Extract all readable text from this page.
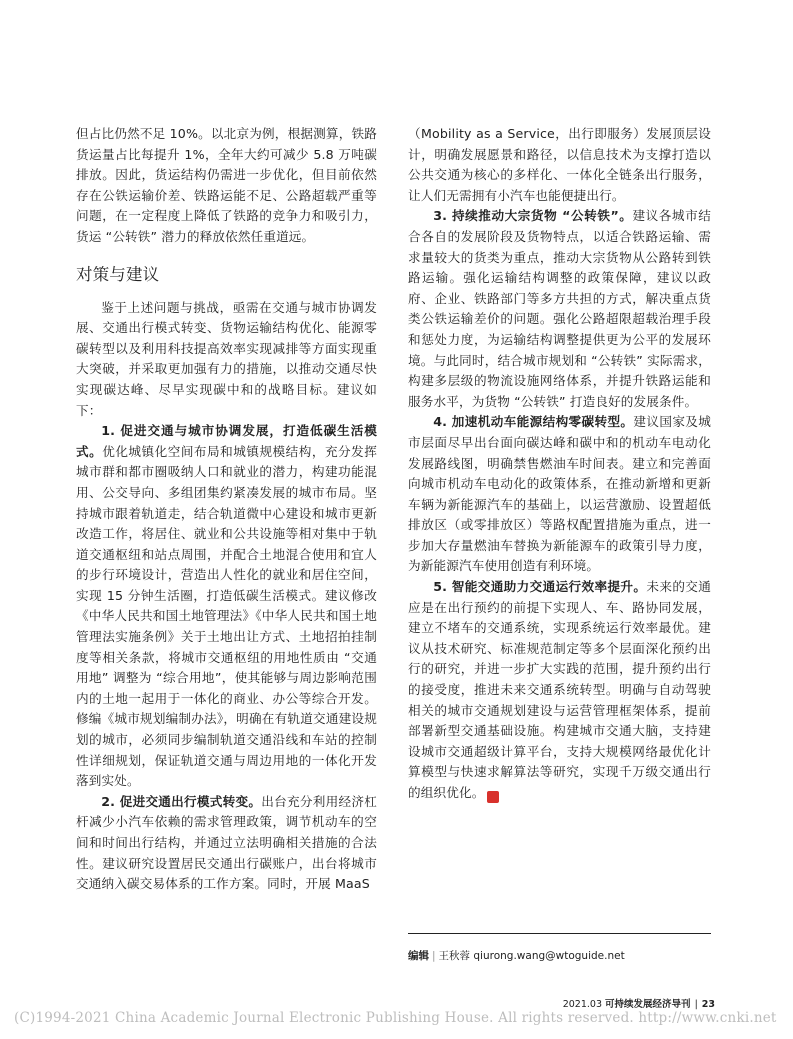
但占比仍然不足 10%。以北京为例，根据测算，铁路货运量占比每提升 1%，全年大约可减少 5.8 万吨碳排放。因此，货运结构仍需进一步优化，但目前依然存在公铁运输价差、铁路运能不足、公路超载严重等问题，在一定程度上降低了铁路的竞争力和吸引力，货运 “公转铁” 潜力的释放依然任重道远。

对策与建议

鉴于上述问题与挑战，亟需在交通与城市协调发展、交通出行模式转变、货物运输结构优化、能源零碳转型以及利用科技提高效率实现减排等方面实现重大突破，并采取更加强有力的措施，以推动交通尽快实现碳达峰、尽早实现碳中和的战略目标。建议如下：

1. 促进交通与城市协调发展，打造低碳生活模式。优化城镇化空间布局和城镇规模结构，充分发挥城市群和都市圈吸纳人口和就业的潜力，构建功能混用、公交导向、多组团集约紧凑发展的城市布局。坚持城市跟着轨道走，结合轨道微中心建设和城市更新改造工作，将居住、就业和公共设施等相对集中于轨道交通枢纽和站点周围，并配合土地混合使用和宜人的步行环境设计，营造出人性化的就业和居住空间，实现 15 分钟生活圈，打造低碳生活模式。建议修改《中华人民共和国土地管理法》《中华人民共和国土地管理法实施条例》关于土地出让方式、土地招拍挂制度等相关条款，将城市交通枢纽的用地性质由 “交通用地” 调整为 “综合用地”，使其能够与周边影响范围内的土地一起用于一体化的商业、办公等综合开发。修编《城市规划编制办法》，明确在有轨道交通建设规划的城市，必须同步编制轨道交通沿线和车站的控制性详细规划，保证轨道交通与周边用地的一体化开发落到实处。

2. 促进交通出行模式转变。出台充分利用经济杠杆减少小汽车依赖的需求管理政策，调节机动车的空间和时间出行结构，并通过立法明确相关措施的合法性。建议研究设置居民交通出行碳账户，出台将城市交通纳入碳交易体系的工作方案。同时，开展 MaaS

（Mobility as a Service，出行即服务）发展顶层设计，明确发展愿景和路径，以信息技术为支撑打造以公共交通为核心的多样化、一体化全链条出行服务，让人们无需拥有小汽车也能便捷出行。

3. 持续推动大宗货物 “公转铁”。建议各城市结合各自的发展阶段及货物特点，以适合铁路运输、需求量较大的货类为重点，推动大宗货物从公路转到铁路运输。强化运输结构调整的政策保障，建议以政府、企业、铁路部门等多方共担的方式，解决重点货类公铁运输差价的问题。强化公路超限超载治理手段和惩处力度，为运输结构调整提供更为公平的发展环境。与此同时，结合城市规划和 “公转铁” 实际需求，构建多层级的物流设施网络体系，并提升铁路运能和服务水平，为货物 “公转铁” 打造良好的发展条件。

4. 加速机动车能源结构零碳转型。建议国家及城市层面尽早出台面向碳达峰和碳中和的机动车电动化发展路线图，明确禁售燃油车时间表。建立和完善面向城市机动车电动化的政策体系，在推动新增和更新车辆为新能源汽车的基础上，以运营激励、设置超低排放区（或零排放区）等路权配置措施为重点，进一步加大存量燃油车替换为新能源车的政策引导力度，为新能源汽车使用创造有利环境。

5. 智能交通助力交通运行效率提升。未来的交通应是在出行预约的前提下实现人、车、路协同发展，建立不堵车的交通系统，实现系统运行效率最优。建议从技术研究、标准规范制定等多个层面深化预约出行的研究，并进一步扩大实践的范围，提升预约出行的接受度，推进未来交通系统转型。明确与自动驾驶相关的城市交通规划建设与运营管理框架体系，提前部署新型交通基础设施。构建城市交通大脑，支持建设城市交通超级计算平台，支持大规模网络最优化计算模型与快速求解算法等研究，实现千万级交通出行的组织优化。	✦

编辑 | 王秋蓉 qiurong.wang@wtoguide.net
2021.03 可持续发展经济导刊 | 23
(C)1994-2021 China Academic Journal Electronic Publishing House. All rights reserved. http://www.cnki.net
